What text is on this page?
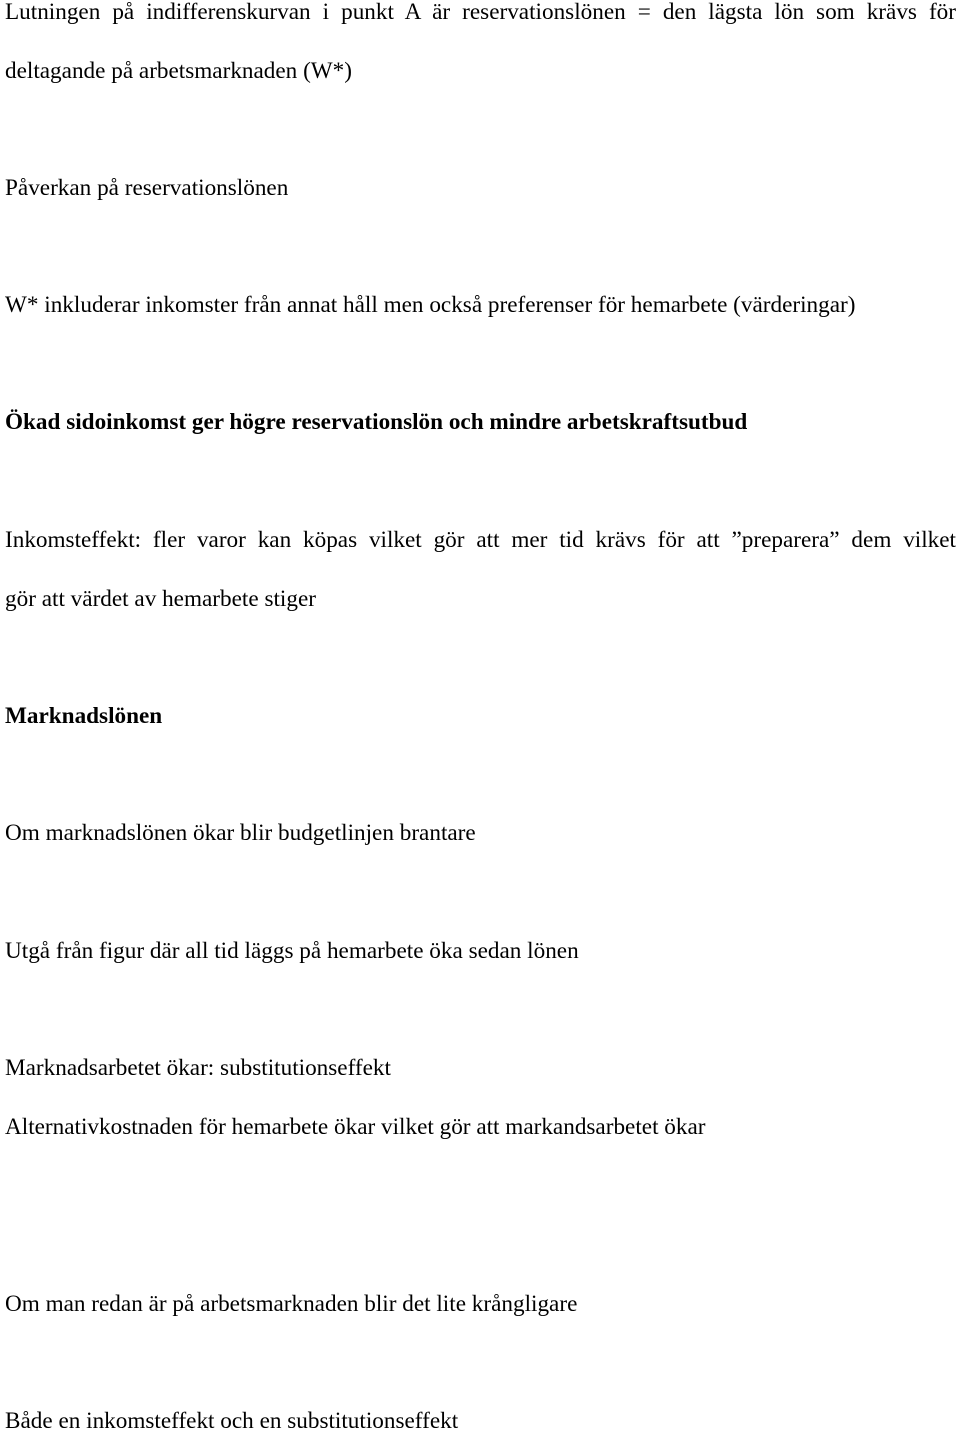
Lutningen på indifferenskurvan i punkt A är reservationslönen = den lägsta lön som krävs för
deltagande på arbetsmarknaden (W*)
Påverkan på reservationslönen
W* inkluderar inkomster från annat håll men också preferenser för hemarbete (värderingar)
Ökad sidoinkomst ger högre reservationslön och mindre arbetskraftsutbud
Inkomsteffekt: fler varor kan köpas vilket gör att mer tid krävs för att ”preparera” dem vilket
gör att värdet av hemarbete stiger
Marknadslönen
Om marknadslönen ökar blir budgetlinjen brantare
Utgå från figur där all tid läggs på hemarbete öka sedan lönen
Marknadsarbetet ökar: substitutionseffekt
Alternativkostnaden för hemarbete ökar vilket gör att markandsarbetet ökar
Om man redan är på arbetsmarknaden blir det lite krångligare
Både en inkomsteffekt och en substitutionseffekt
